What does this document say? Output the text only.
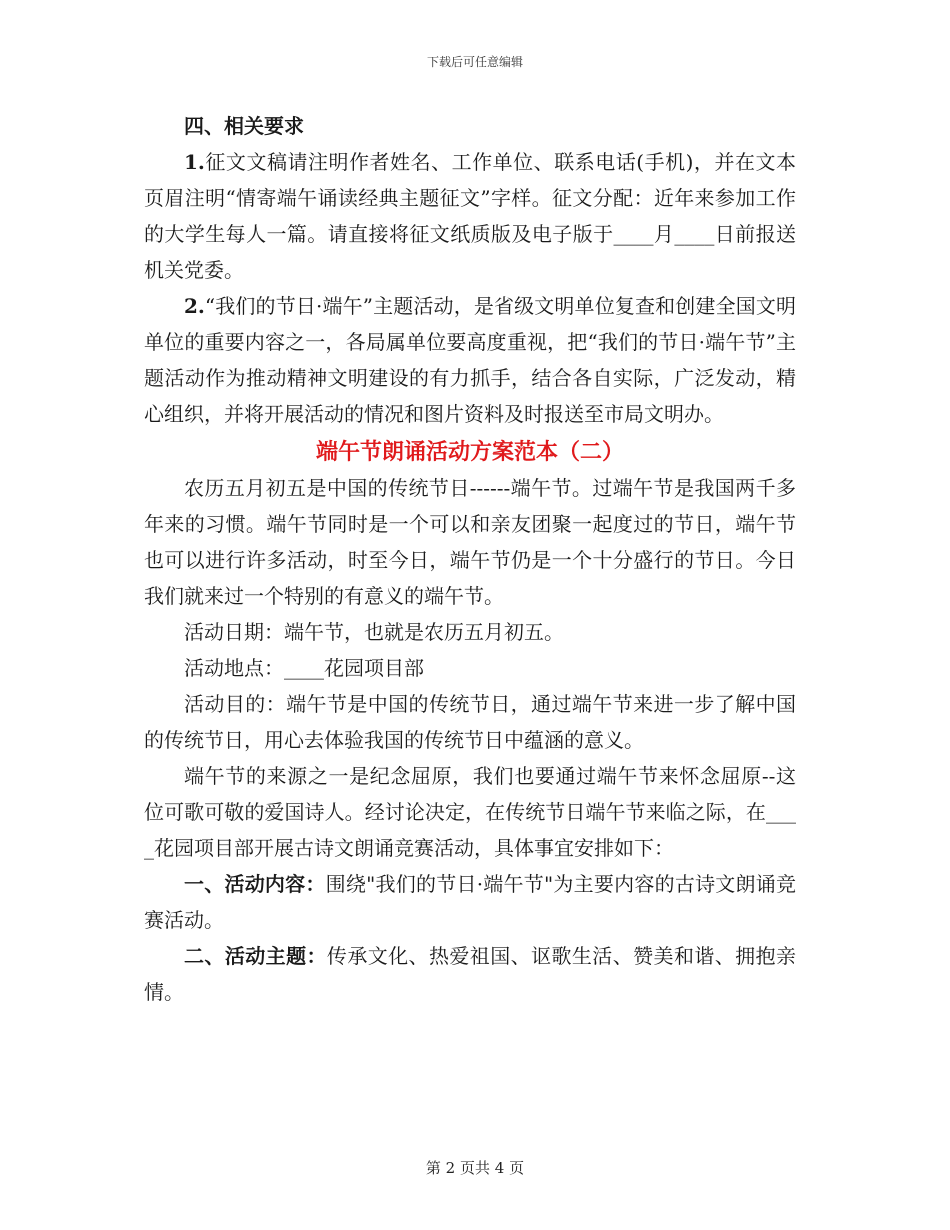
下载后可任意编辑

四、相关要求

1.征文文稿请注明作者姓名、工作单位、联系电话(手机)，并在文本页眉注明“情寄端午诵读经典主题征文”字样。征文分配：近年来参加工作的大学生每人一篇。请直接将征文纸质版及电子版于____月____日前报送机关党委。

2.“我们的节日·端午”主题活动，是省级文明单位复查和创建全国文明单位的重要内容之一，各局属单位要高度重视，把“我们的节日·端午节”主题活动作为推动精神文明建设的有力抓手，结合各自实际，广泛发动，精心组织，并将开展活动的情况和图片资料及时报送至市局文明办。

端午节朗诵活动方案范本（二）

农历五月初五是中国的传统节日------端午节。过端午节是我国两千多年来的习惯。端午节同时是一个可以和亲友团聚一起度过的节日，端午节也可以进行许多活动，时至今日，端午节仍是一个十分盛行的节日。今日我们就来过一个特别的有意义的端午节。

活动日期：端午节，也就是农历五月初五。

活动地点：____花园项目部

活动目的：端午节是中国的传统节日，通过端午节来进一步了解中国的传统节日，用心去体验我国的传统节日中蕴涵的意义。

端午节的来源之一是纪念屈原，我们也要通过端午节来怀念屈原--这位可歌可敬的爱国诗人。经讨论决定，在传统节日端午节来临之际，在____花园项目部开展古诗文朗诵竞赛活动，具体事宜安排如下：

一、活动内容：围绕"我们的节日·端午节"为主要内容的古诗文朗诵竞赛活动。

二、活动主题：传承文化、热爱祖国、讴歌生活、赞美和谐、拥抱亲情。

第 2 页共 4 页
